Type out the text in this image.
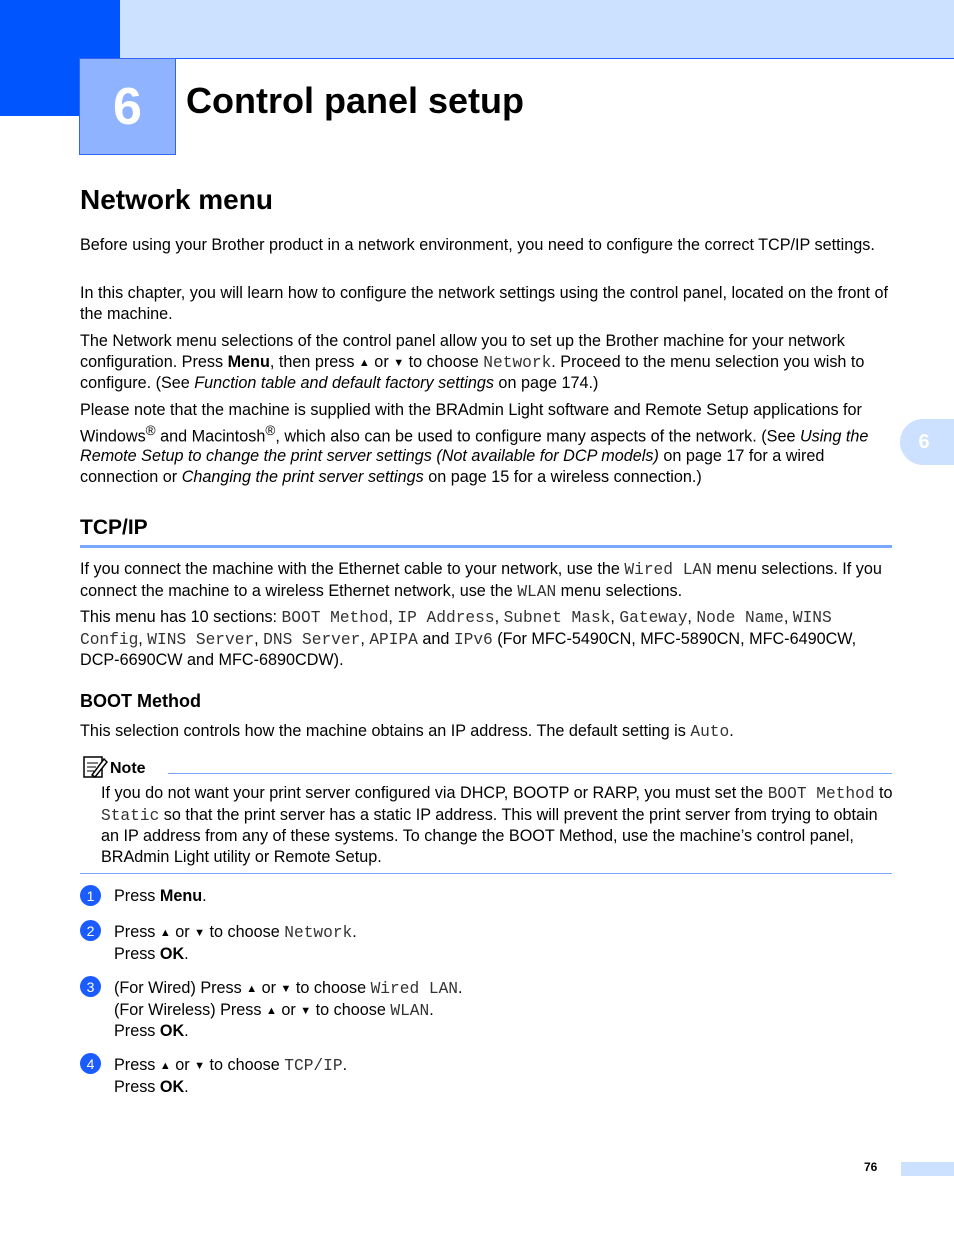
6 Control panel setup
6
Network menu

Before using your Brother product in a network environment, you need to configure the correct TCP/IP settings.

In this chapter, you will learn how to configure the network settings using the control panel, located on the front of the machine.

The Network menu selections of the control panel allow you to set up the Brother machine for your network configuration. Press Menu, then press ▲ or ▼ to choose Network. Proceed to the menu selection you wish to configure. (See Function table and default factory settings on page 174.)

Please note that the machine is supplied with the BRAdmin Light software and Remote Setup applications for Windows® and Macintosh®, which also can be used to configure many aspects of the network. (See Using the Remote Setup to change the print server settings (Not available for DCP models) on page 17 for a wired connection or Changing the print server settings on page 15 for a wireless connection.)

TCP/IP

If you connect the machine with the Ethernet cable to your network, use the Wired LAN menu selections. If you connect the machine to a wireless Ethernet network, use the WLAN menu selections.

This menu has 10 sections: BOOT Method, IP Address, Subnet Mask, Gateway, Node Name, WINS Config, WINS Server, DNS Server, APIPA and IPv6 (For MFC-5490CN, MFC-5890CN, MFC-6490CW, DCP-6690CW and MFC-6890CDW).

BOOT Method

This selection controls how the machine obtains an IP address. The default setting is Auto.

Note
If you do not want your print server configured via DHCP, BOOTP or RARP, you must set the BOOT Method to Static so that the print server has a static IP address. This will prevent the print server from trying to obtain an IP address from any of these systems. To change the BOOT Method, use the machine’s control panel, BRAdmin Light utility or Remote Setup.
1	Press Menu.

2	Press ▲ or ▼ to choose Network.

Press OK.

3	(For Wired) Press ▲ or ▼ to choose Wired LAN.

(For Wireless) Press ▲ or ▼ to choose WLAN.

Press OK.

4	Press ▲ or ▼ to choose TCP/IP.

Press OK.

76
